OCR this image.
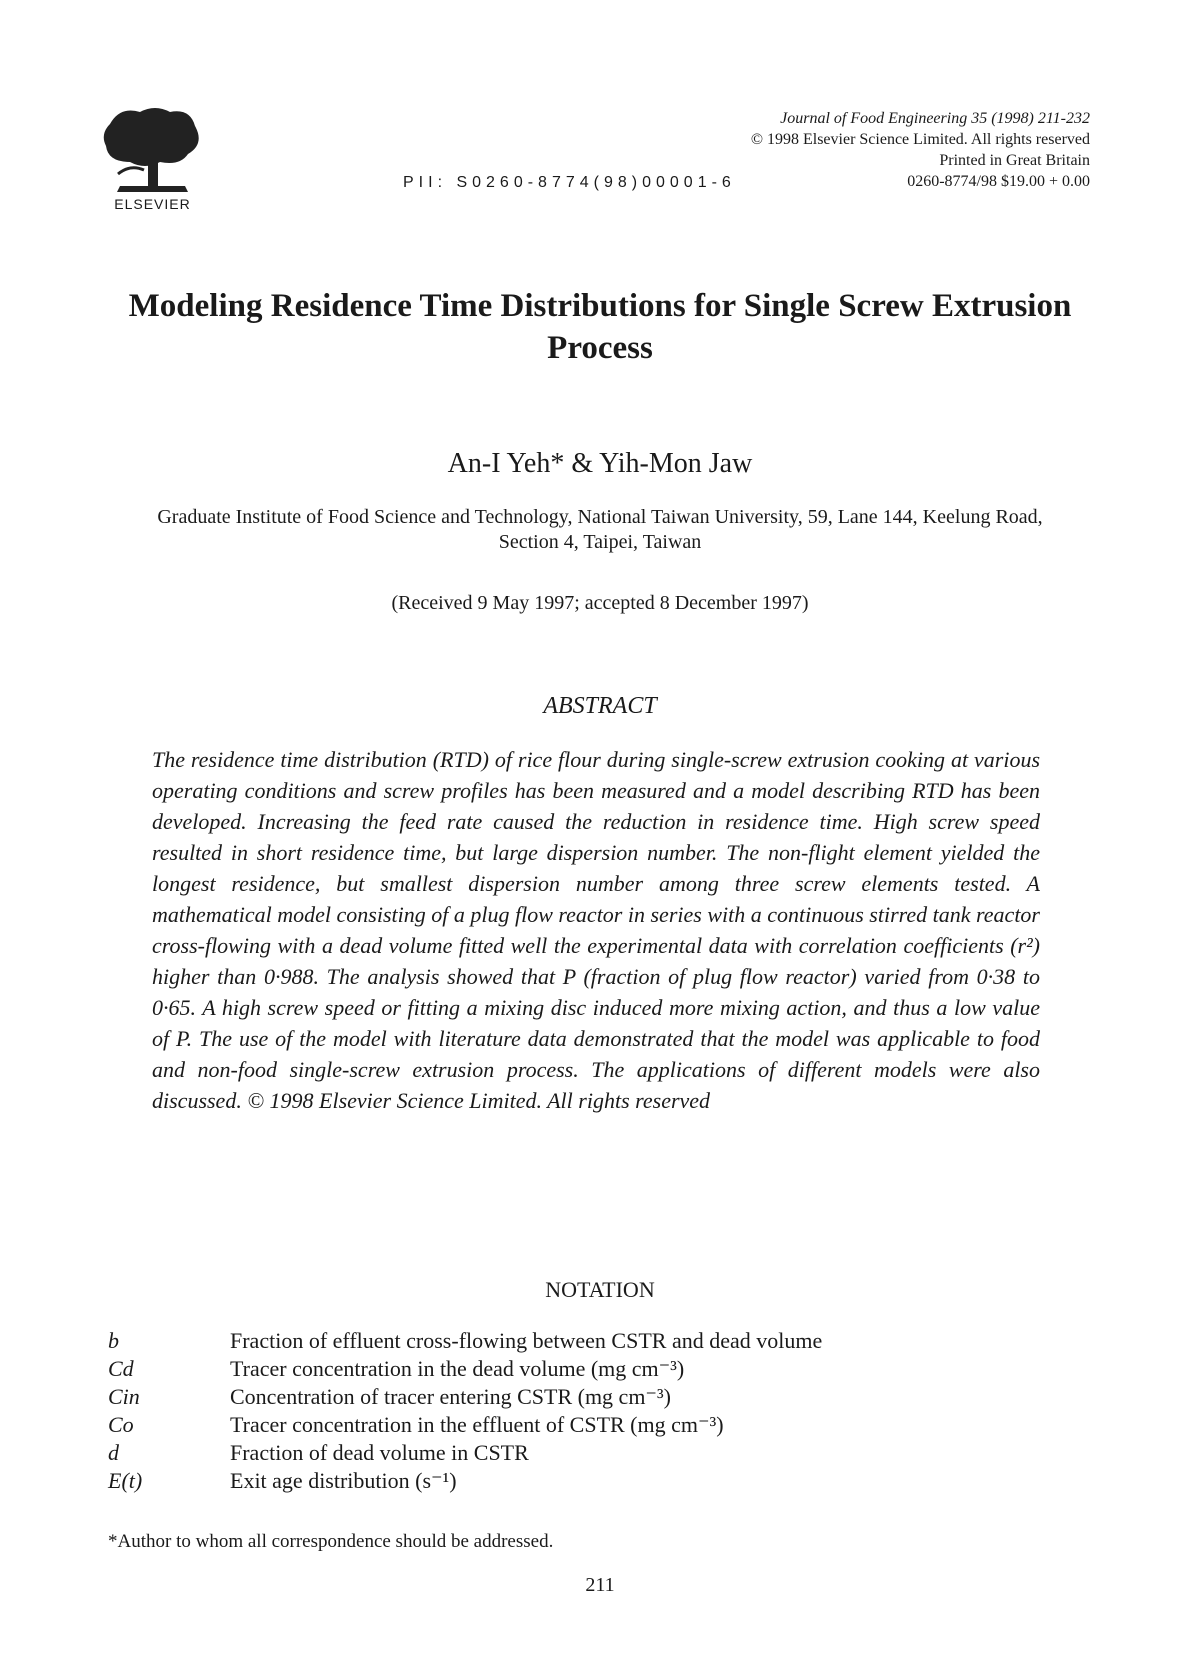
ELSEVIER
PII: S0260-8774(98)00001-6
Journal of Food Engineering 35 (1998) 211-232
© 1998 Elsevier Science Limited. All rights reserved
Printed in Great Britain
0260-8774/98 $19.00 + 0.00
Modeling Residence Time Distributions for Single Screw Extrusion Process
An-I Yeh* & Yih-Mon Jaw
Graduate Institute of Food Science and Technology, National Taiwan University, 59, Lane 144, Keelung Road, Section 4, Taipei, Taiwan
(Received 9 May 1997; accepted 8 December 1997)
ABSTRACT
The residence time distribution (RTD) of rice flour during single-screw extrusion cooking at various operating conditions and screw profiles has been measured and a model describing RTD has been developed. Increasing the feed rate caused the reduction in residence time. High screw speed resulted in short residence time, but large dispersion number. The non-flight element yielded the longest residence, but smallest dispersion number among three screw elements tested. A mathematical model consisting of a plug flow reactor in series with a continuous stirred tank reactor cross-flowing with a dead volume fitted well the experimental data with correlation coefficients (r²) higher than 0·988. The analysis showed that P (fraction of plug flow reactor) varied from 0·38 to 0·65. A high screw speed or fitting a mixing disc induced more mixing action, and thus a low value of P. The use of the model with literature data demonstrated that the model was applicable to food and non-food single-screw extrusion process. The applications of different models were also discussed. © 1998 Elsevier Science Limited. All rights reserved
NOTATION
b	Fraction of effluent cross-flowing between CSTR and dead volume
Cd	Tracer concentration in the dead volume (mg cm⁻³)
Cin	Concentration of tracer entering CSTR (mg cm⁻³)
Co	Tracer concentration in the effluent of CSTR (mg cm⁻³)
d	Fraction of dead volume in CSTR
E(t)	Exit age distribution (s⁻¹)
*Author to whom all correspondence should be addressed.
211
